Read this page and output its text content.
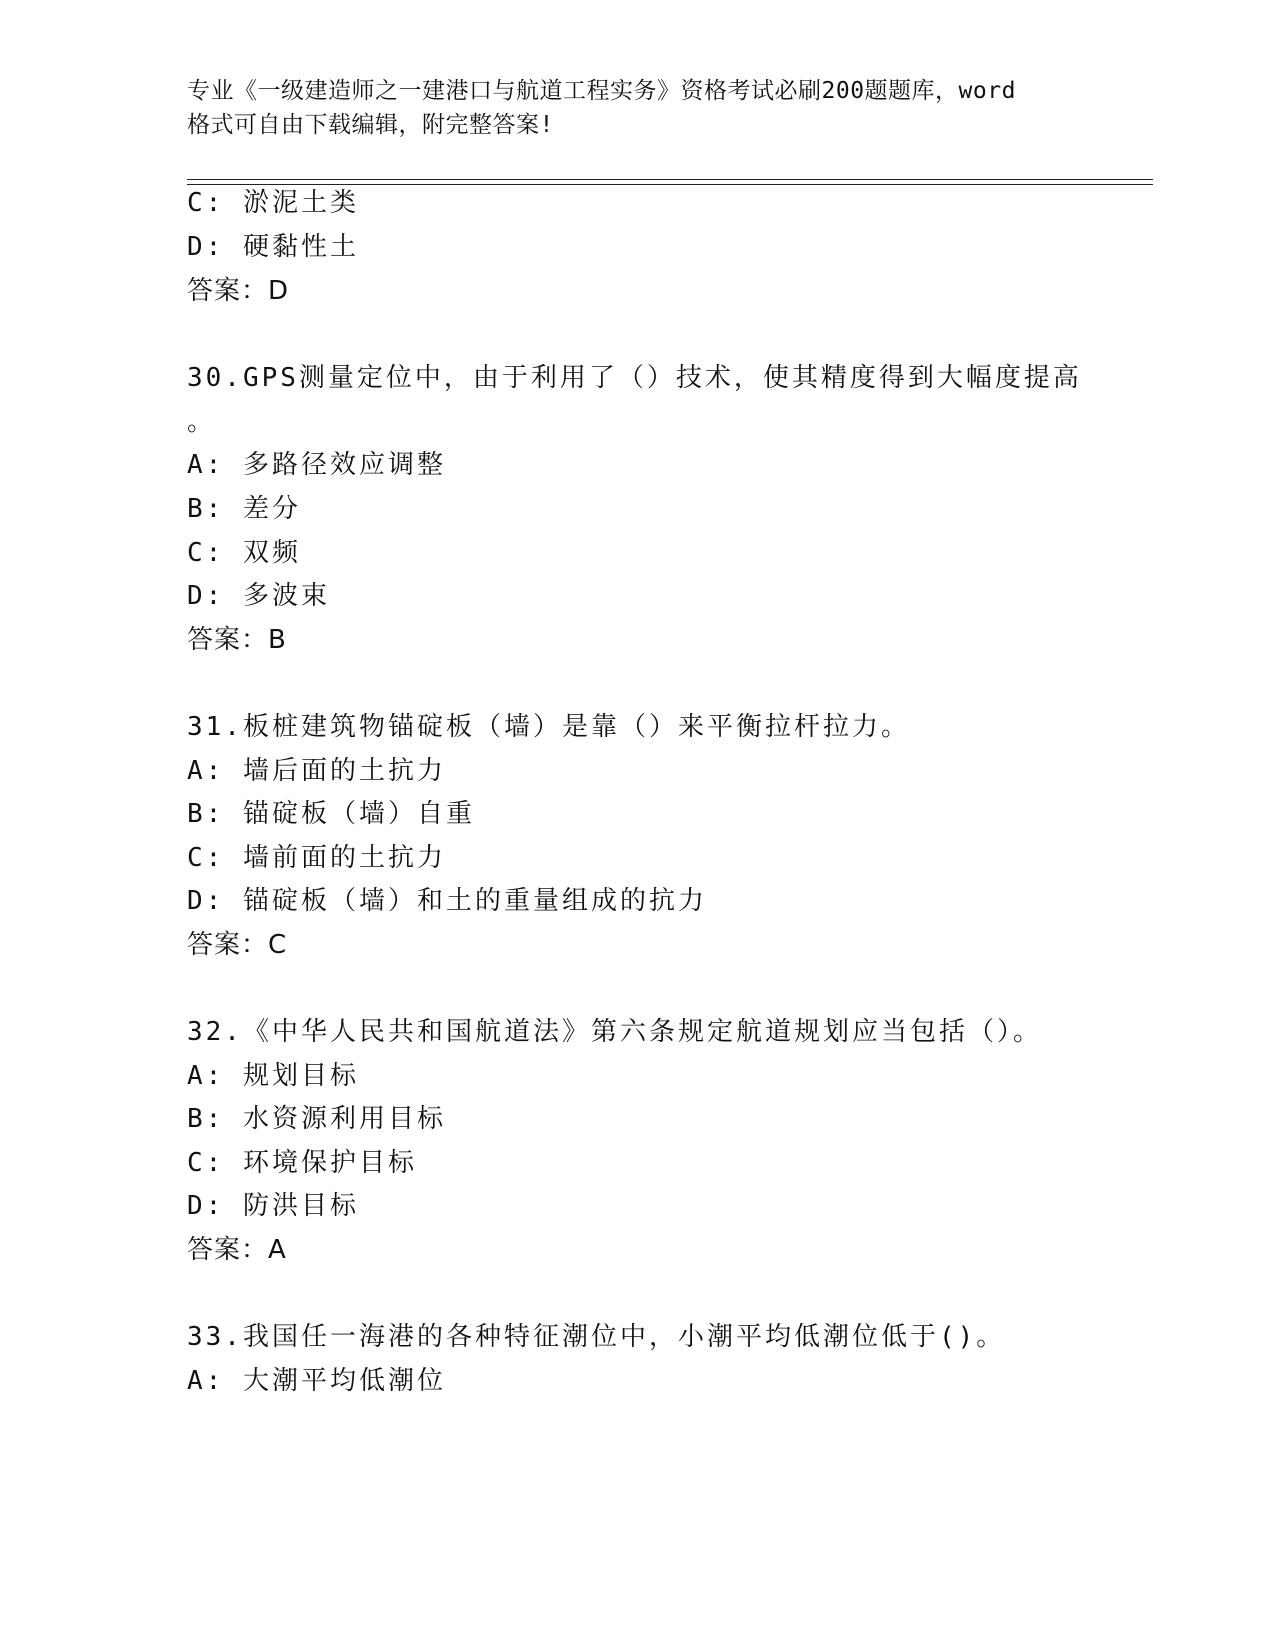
专业《一级建造师之一建港口与航道工程实务》资格考试必刷200题题库，word
格式可自由下载编辑，附完整答案!
C: 淤泥土类
D: 硬黏性土
答案：D
30.GPS测量定位中，由于利用了（）技术，使其精度得到大幅度提高
。
A: 多路径效应调整
B: 差分
C: 双频
D: 多波束
答案：B
31.板桩建筑物锚碇板（墙）是靠（）来平衡拉杆拉力。
A: 墙后面的土抗力
B: 锚碇板（墙）自重
C: 墙前面的土抗力
D: 锚碇板（墙）和土的重量组成的抗力
答案：C
32.《中华人民共和国航道法》第六条规定航道规划应当包括（）。
A: 规划目标
B: 水资源利用目标
C: 环境保护目标
D: 防洪目标
答案：A
33.我国任一海港的各种特征潮位中，小潮平均低潮位低于()。
A: 大潮平均低潮位
